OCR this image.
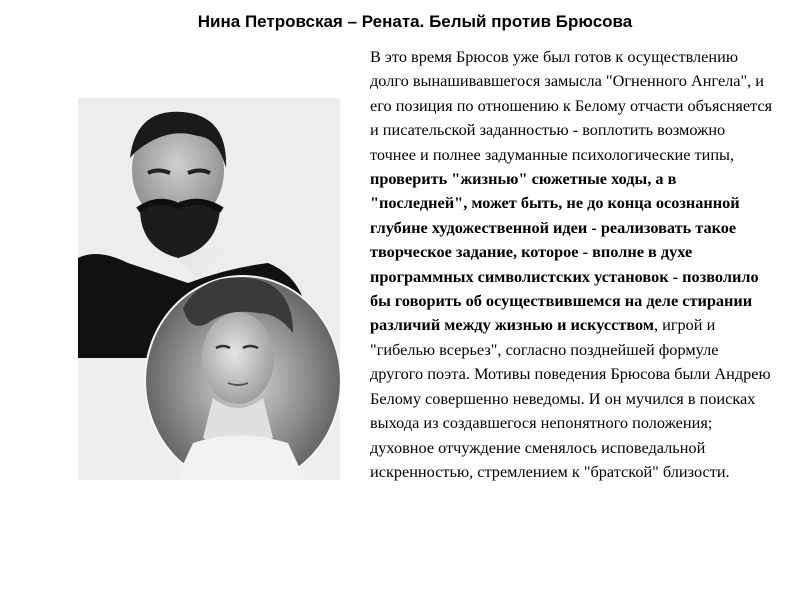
Нина Петровская – Рената. Белый против Брюсова
В это время Брюсов уже был готов к осуществлению долго вынашивавшегося замысла "Огненного Ангела", и его позиция по отношению к Белому отчасти объясняется и писательской заданностью - воплотить возможно точнее и полнее задуманные психологические типы, проверить "жизнью" сюжетные ходы, а в "последней", может быть, не до конца осознанной глубине художественной идеи - реализовать такое творческое задание, которое - вполне в духе программных символистских установок - позволило бы говорить об осуществившемся на деле стирании различий между жизнью и искусством, игрой и "гибелью всерьез", согласно позднейшей формуле другого поэта. Мотивы поведения Брюсова были Андрею Белому совершенно неведомы. И он мучился в поисках выхода из создавшегося непонятного положения; духовное отчуждение сменялось исповедальной искренностью, стремлением к "братской" близости.
